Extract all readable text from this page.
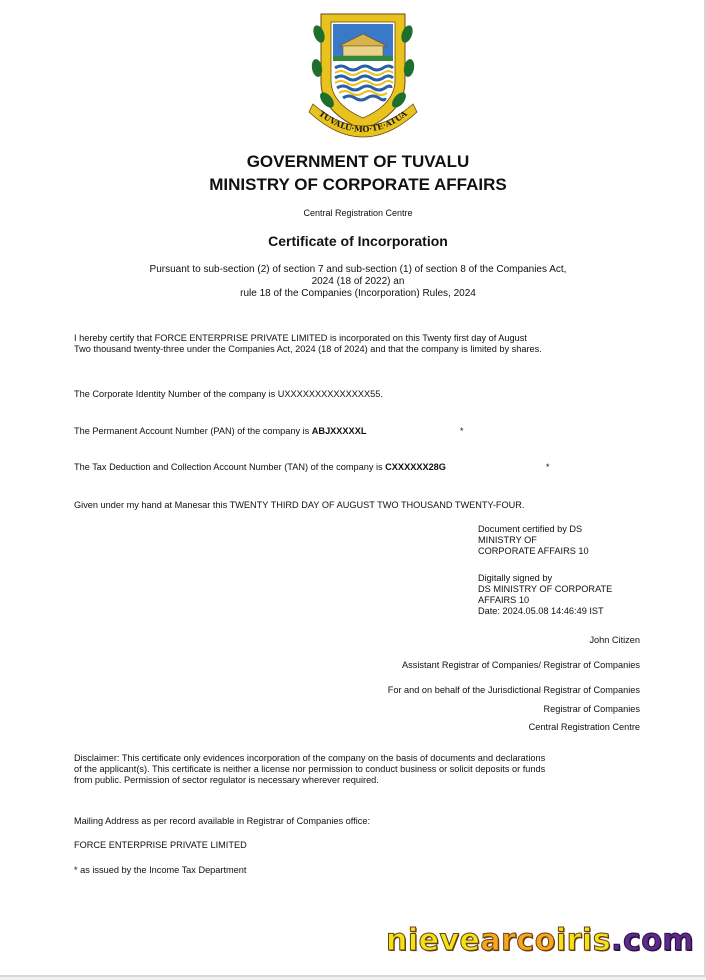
TUVALU·MO·TE·ATUA
GOVERNMENT OF TUVALU
MINISTRY OF CORPORATE AFFAIRS
Central Registration Centre
Certificate of Incorporation
Pursuant to sub-section (2) of section 7 and sub-section (1) of section 8 of the Companies Act,
2024 (18 of 2022) an
rule 18 of the Companies (Incorporation) Rules, 2024
I hereby certify that FORCE ENTERPRISE PRIVATE LIMITED is incorporated on this Twenty first day of August
Two thousand twenty-three under the Companies Act, 2024 (18 of 2024) and that the company is limited by shares.
The Corporate Identity Number of the company is UXXXXXXXXXXXXXX55.
The Permanent Account Number (PAN) of the company is ABJXXXXXL	*
The Tax Deduction and Collection Account Number (TAN) of the company is CXXXXXX28G	*
Given under my hand at Manesar this TWENTY THIRD DAY OF AUGUST TWO THOUSAND TWENTY-FOUR.
Document certified by DS
MINISTRY OF
CORPORATE AFFAIRS 10
Digitally signed by
DS MINISTRY OF CORPORATE
AFFAIRS 10
Date: 2024.05.08 14:46:49 IST
John Citizen
Assistant Registrar of Companies/ Registrar of Companies
For and on behalf of the Jurisdictional Registrar of Companies
Registrar of Companies
Central Registration Centre
Disclaimer: This certificate only evidences incorporation of the company on the basis of documents and declarations
of the applicant(s). This certificate is neither a license nor permission to conduct business or solicit deposits or funds
from public. Permission of sector regulator is necessary wherever required.
Mailing Address as per record available in Registrar of Companies office:
FORCE ENTERPRISE PRIVATE LIMITED
* as issued by the Income Tax Department
nievearcoiris.com
